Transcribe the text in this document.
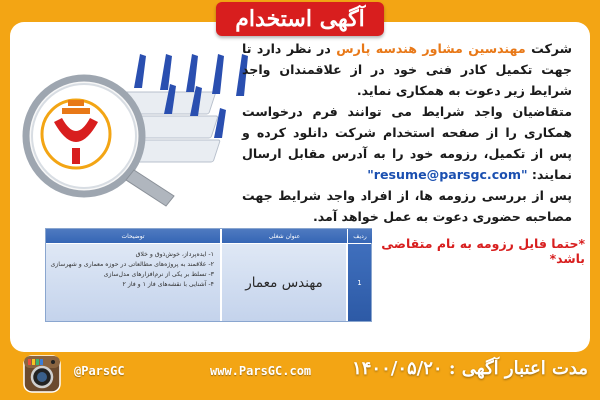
آگهی استخدام
شرکت مهندسین مشاور هندسه پارس در نظر دارد تا جهت تکمیل کادر فنی خود در از علاقمندان واجد شرایط زیر دعوت به همکاری نماید.
متقاضیان واجد شرایط می توانند فرم درخواست همکاری را از صفحه استخدام شرکت دانلود کرده و پس از تکمیل، رزومه خود را به آدرس مقابل ارسال نمایند: "resume@parsgc.com"
پس از بررسی رزومه ها، از افراد واجد شرایط جهت مصاحبه حضوری دعوت به عمل خواهد آمد.
*حتما فایل رزومه به نام متقاضی باشد*
توضیحات	عنوان شغلی	ردیف
۱- ایده‌پرداز، خوش‌ذوق و خلاق
۲- علاقمند به پروژه‌های مطالعاتی در حوزه معماری و شهرسازی
۳- تسلط بر یکی از نرم‌افزارهای مدل‌سازی
۴- آشنایی با نقشه‌های فاز ۱ و فاز ۲	مهندس معمار	1
@ParsGC	www.ParsGC.com مدت اعتبار آگهی : ۱۴۰۰/۰۵/۲۰
